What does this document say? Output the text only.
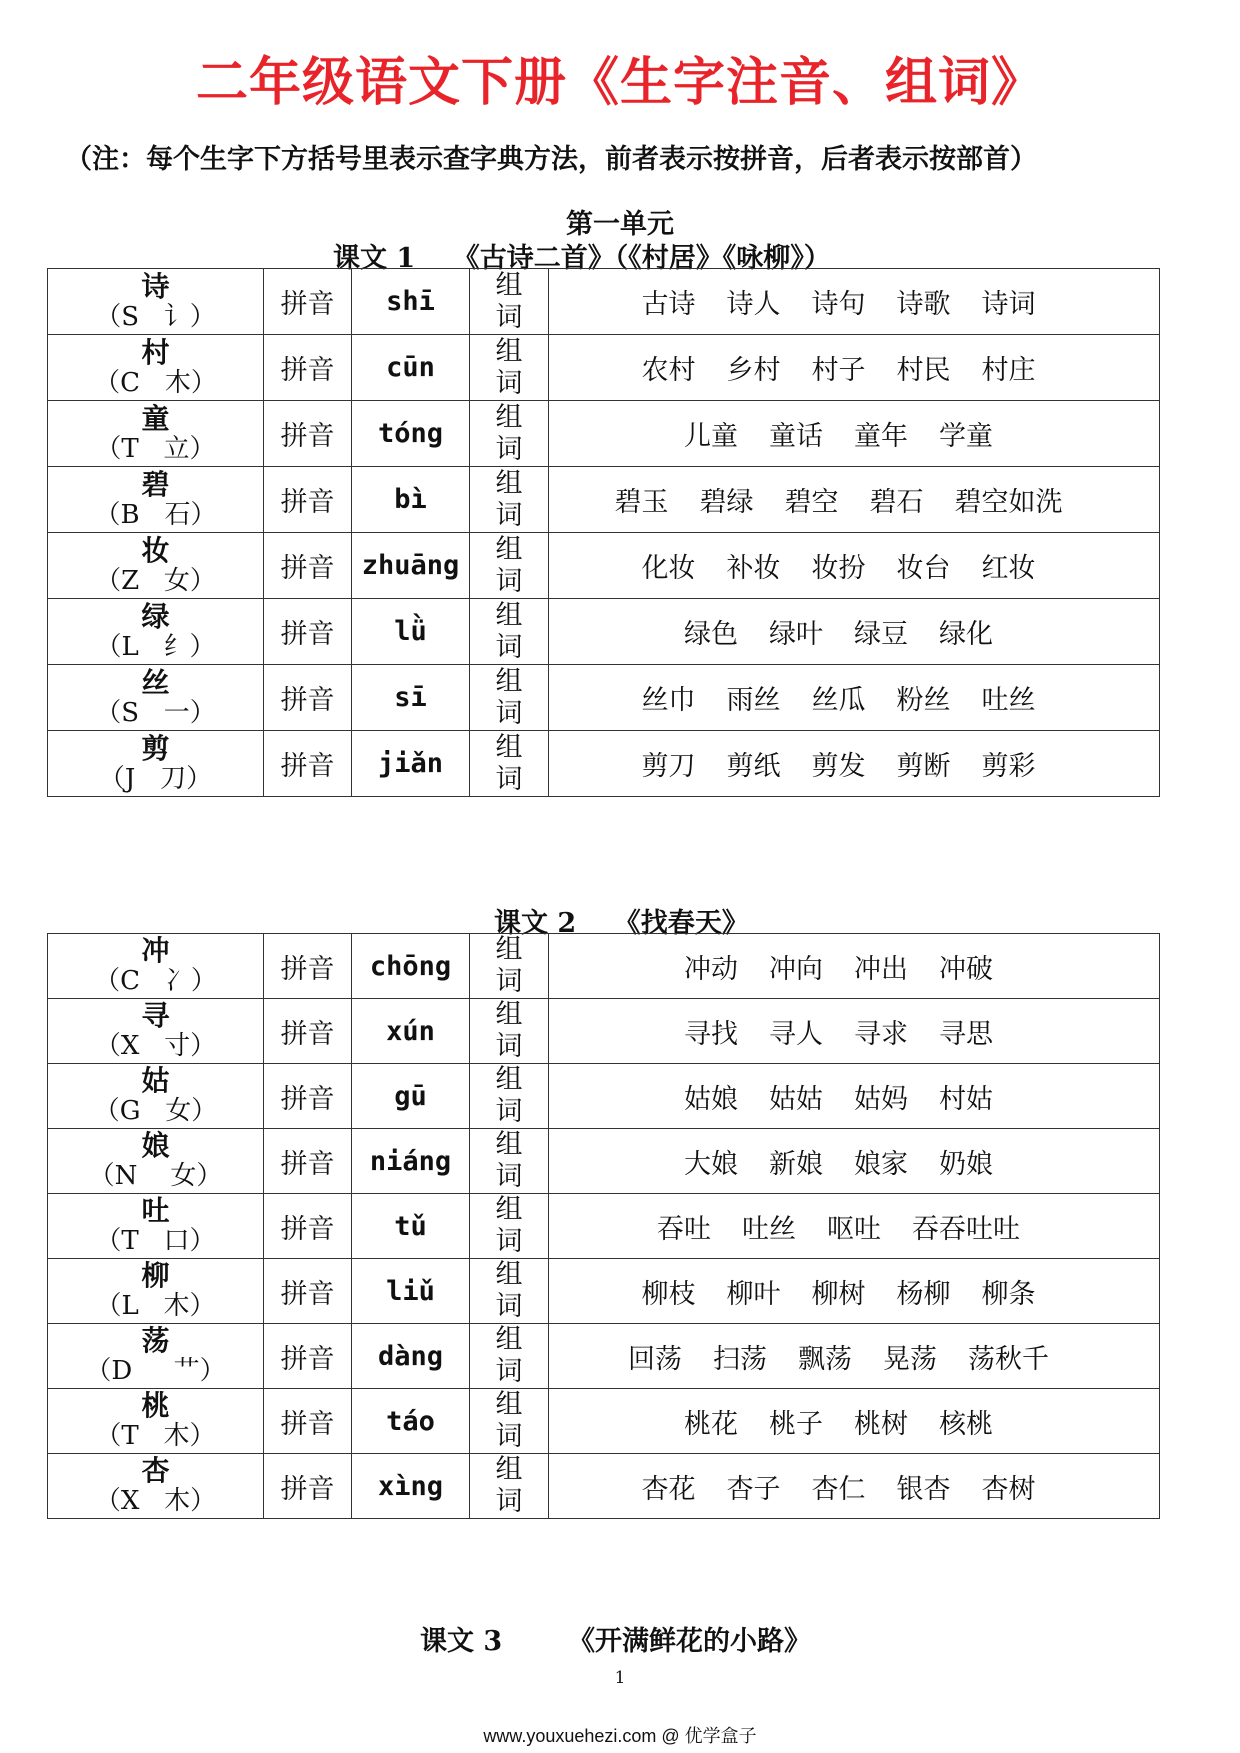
二年级语文下册《生字注音、组词》
（注：每个生字下方括号里表示查字典方法，前者表示按拼音，后者表示按部首）
第一单元
课文 1    《古诗二首》（《村居》《咏柳》）
诗
（S   讠）	拼音	shī	组词	古诗 诗人 诗句 诗歌 诗词

村
（C   木）	拼音	cūn	组词	农村 乡村 村子 村民 村庄

童
（T   立）	拼音	tóng	组词	儿童 童话 童年 学童

碧
（B   石）	拼音	bì	组词	碧玉 碧绿 碧空 碧石 碧空如洗

妆
（Z   女）	拼音	zhuāng	组词	化妆 补妆 妆扮 妆台 红妆

绿
（L   纟）	拼音	lǜ	组词	绿色 绿叶 绿豆 绿化

丝
（S   一）	拼音	sī	组词	丝巾 雨丝 丝瓜 粉丝 吐丝

剪
（J   刀）	拼音	jiǎn	组词	剪刀 剪纸 剪发 剪断 剪彩
课文 2    《找春天》
冲
（C   冫）	拼音	chōng	组词	冲动 冲向 冲出 冲破

寻
（X   寸）	拼音	xún	组词	寻找 寻人 寻求 寻思

姑
（G   女）	拼音	gū	组词	姑娘 姑姑 姑妈 村姑

娘
（N    女）	拼音	niáng	组词	大娘 新娘 娘家 奶娘

吐
（T   口）	拼音	tǔ	组词	吞吐 吐丝 呕吐 吞吞吐吐

柳
（L   木）	拼音	liǔ	组词	柳枝 柳叶 柳树 杨柳 柳条

荡
（D     艹）	拼音	dàng	组词	回荡 扫荡 飘荡 晃荡 荡秋千

桃
（T   木）	拼音	táo	组词	桃花 桃子 桃树 核桃

杏
（X   木）	拼音	xìng	组词	杏花 杏子 杏仁 银杏 杏树
课文 3       《开满鲜花的小路》
1
www.youxuehezi.com @ 优学盒子
